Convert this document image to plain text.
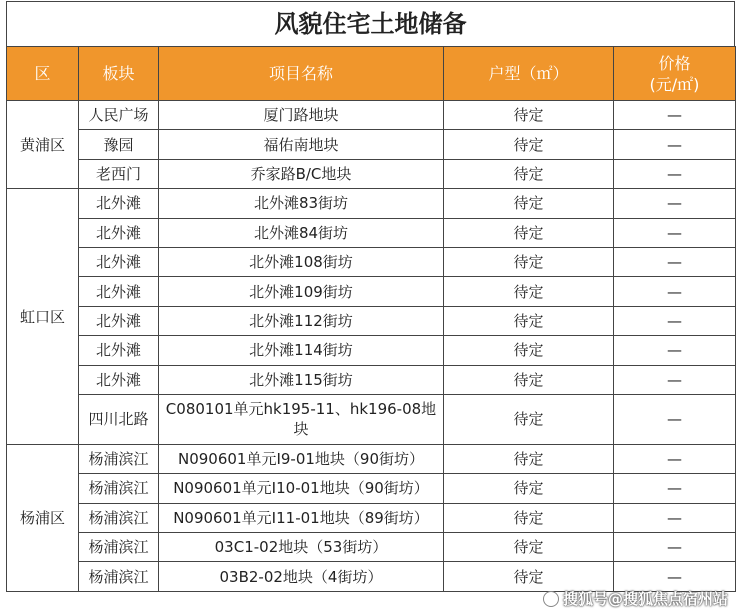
风貌住宅土地储备
区	板块	项目名称	户型（㎡）	价格
(元/㎡)

黄浦区	人民广场	厦门路地块	待定	—
	豫园	福佑南地块	待定	—
	老西门	乔家路B/C地块	待定	—
虹口区	北外滩	北外滩83街坊	待定	—
	北外滩	北外滩84街坊	待定	—
	北外滩	北外滩108街坊	待定	—
	北外滩	北外滩109街坊	待定	—
	北外滩	北外滩112街坊	待定	—
	北外滩	北外滩114街坊	待定	—
	北外滩	北外滩115街坊	待定	—
	四川北路	C080101单元hk195-11、hk196-08地块	待定	—
杨浦区	杨浦滨江	N090601单元I9-01地块（90街坊）	待定	—
	杨浦滨江	N090601单元I10-01地块（90街坊）	待定	—
	杨浦滨江	N090601单元I11-01地块（89街坊）	待定	—
	杨浦滨江	03C1-02地块（53街坊）	待定	—
	杨浦滨江	03B2-02地块（4街坊）	待定	—
搜狐号@搜狐焦点宿州站
